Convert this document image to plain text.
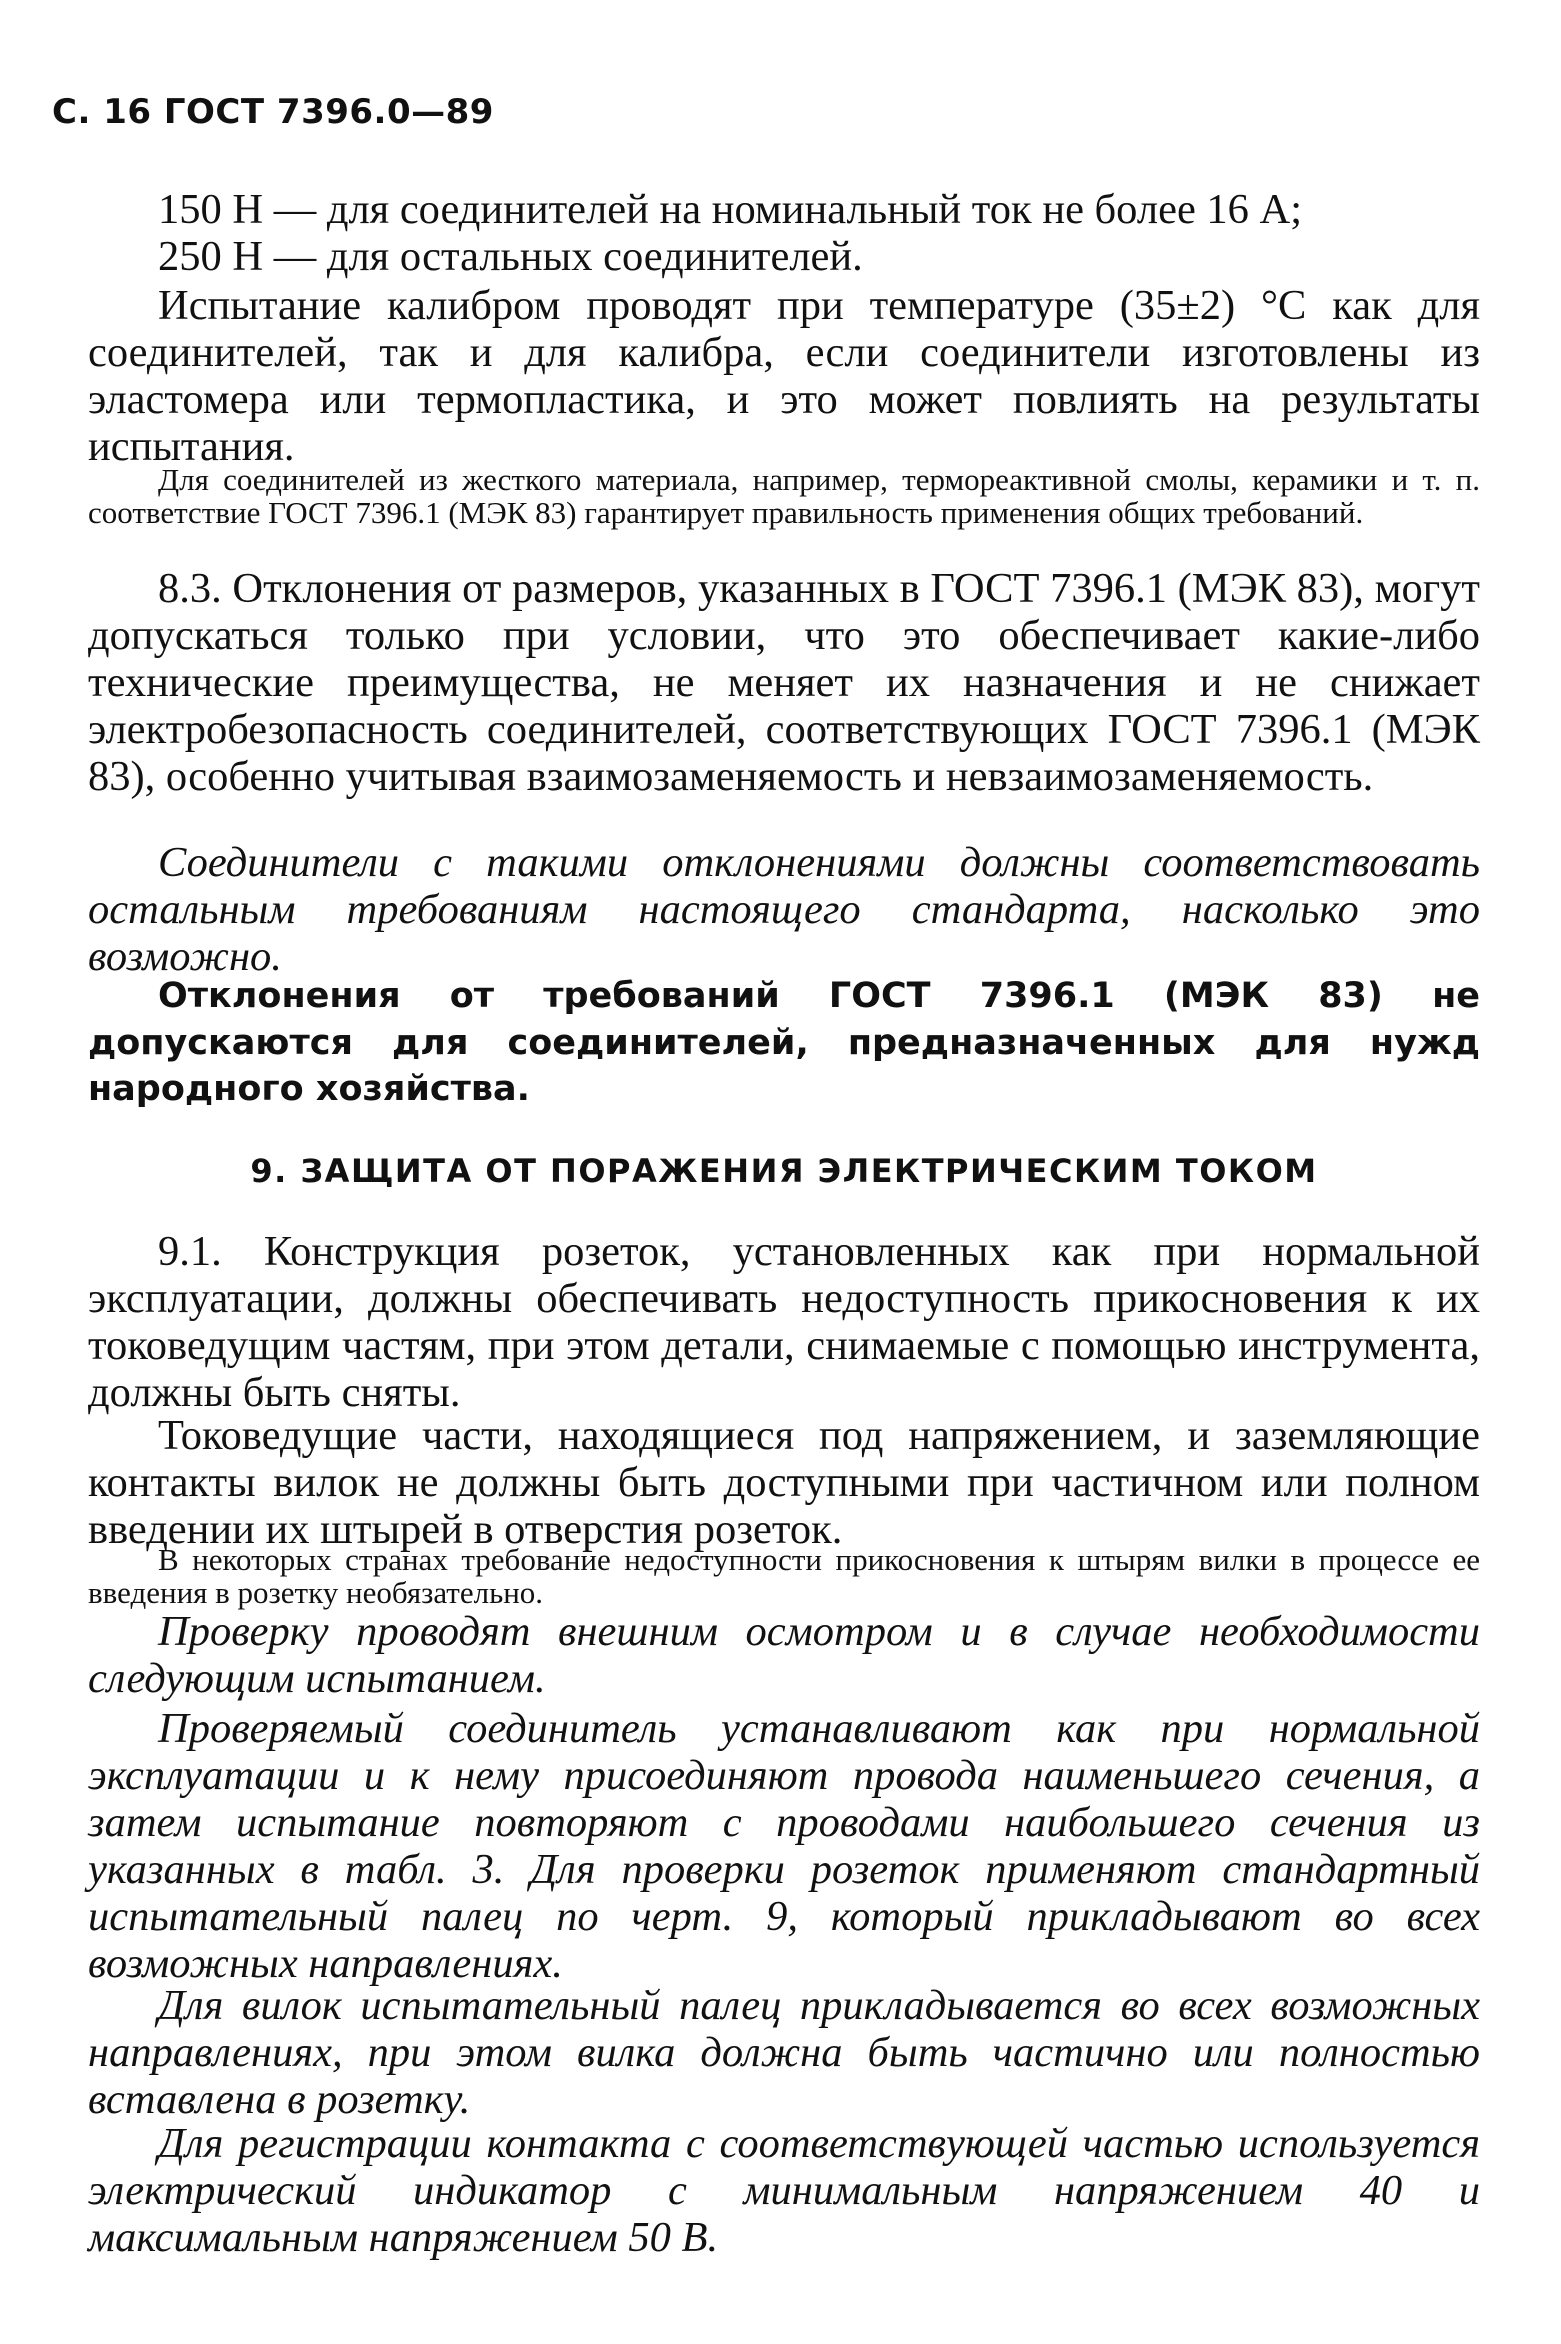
С. 16 ГОСТ 7396.0—89
150 Н — для соединителей на номинальный ток не более 16 А;
250 Н — для остальных соединителей.
Испытание калибром проводят при температуре (35±2) °С как для соединителей, так и для калибра, если соединители изготовлены из эластомера или термопластика, и это может повлиять на результаты испытания.
Для соединителей из жесткого материала, например, термореактивной смолы, керамики и т. п. соответствие ГОСТ 7396.1 (МЭК 83) гарантирует правильность применения общих требований.
8.3. Отклонения от размеров, указанных в ГОСТ 7396.1 (МЭК 83), могут допускаться только при условии, что это обеспечивает какие-либо технические преимущества, не меняет их назначения и не снижает электробезопасность соединителей, соответствующих ГОСТ 7396.1 (МЭК 83), особенно учитывая взаимозаменяемость и невзаимозаменяемость.
Соединители с такими отклонениями должны соответствовать остальным требованиям настоящего стандарта, насколько это возможно.
Отклонения от требований ГОСТ 7396.1 (МЭК 83) не допускаются для соединителей, предназначенных для нужд народного хозяйства.
9. ЗАЩИТА ОТ ПОРАЖЕНИЯ ЭЛЕКТРИЧЕСКИМ ТОКОМ
9.1. Конструкция розеток, установленных как при нормальной эксплуатации, должны обеспечивать недоступность прикосновения к их токоведущим частям, при этом детали, снимаемые с помощью инструмента, должны быть сняты.
Токоведущие части, находящиеся под напряжением, и заземляющие контакты вилок не должны быть доступными при частичном или полном введении их штырей в отверстия розеток.
В некоторых странах требование недоступности прикосновения к штырям вилки в процессе ее введения в розетку необязательно.
Проверку проводят внешним осмотром и в случае необходимости следующим испытанием.
Проверяемый соединитель устанавливают как при нормальной эксплуатации и к нему присоединяют провода наименьшего сечения, а затем испытание повторяют с проводами наибольшего сечения из указанных в табл. 3. Для проверки розеток применяют стандартный испытательный палец по черт. 9, который прикладывают во всех возможных направлениях.
Для вилок испытательный палец прикладывается во всех возможных направлениях, при этом вилка должна быть частично или полностью вставлена в розетку.
Для регистрации контакта с соответствующей частью используется электрический индикатор с минимальным напряжением 40 и максимальным напряжением 50 В.
